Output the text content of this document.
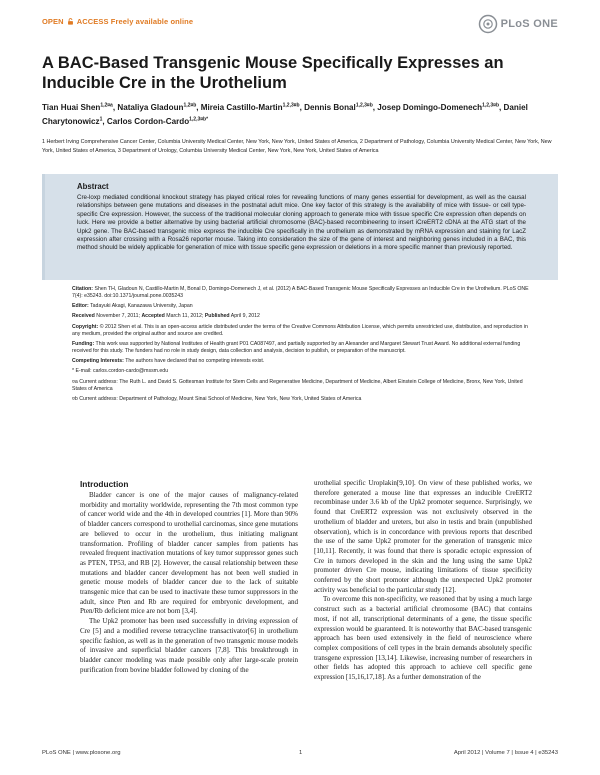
OPEN ACCESS Freely available online	PLoS ONE
A BAC-Based Transgenic Mouse Specifically Expresses an Inducible Cre in the Urothelium
Tian Huai Shen$^{1,2¤a}$, Nataliya Gladoun$^{1,2¤b}$, Mireia Castillo-Martin$^{1,2,3¤b}$, Dennis Bonal$^{1,2,3¤b}$, Josep Domingo-Domenech$^{1,2,3¤b}$, Daniel Charytonowicz$^1$, Carlos Cordon-Cardo$^{1,2,3¤b*}$
1 Herbert Irving Comprehensive Cancer Center, Columbia University Medical Center, New York, New York, United States of America, 2 Department of Pathology, Columbia University Medical Center, New York, New York, United States of America, 3 Department of Urology, Columbia University Medical Center, New York, New York, United States of America
Abstract

Cre-loxp mediated conditional knockout strategy has played critical roles for revealing functions of many genes essential for development, as well as the causal relationships between gene mutations and diseases in the postnatal adult mice. One key factor of this strategy is the availability of mice with tissue- or cell type-specific Cre expression. However, the success of the traditional molecular cloning approach to generate mice with tissue specific Cre expression often depends on luck. Here we provide a better alternative by using bacterial artificial chromosome (BAC)-based recombineering to insert iCreERT2 cDNA at the ATG start of the Upk2 gene. The BAC-based transgenic mice express the inducible Cre specifically in the urothelium as demonstrated by mRNA expression and staining for LacZ expression after crossing with a Rosa26 reporter mouse. Taking into consideration the size of the gene of interest and neighboring genes included in a BAC, this method should be widely applicable for generation of mice with tissue specific gene expression or deletions in a more specific manner than previously reported.

Citation: Shen TH, Gladoun N, Castillo-Martin M, Bonal D, Domingo-Domenech J, et al. (2012) A BAC-Based Transgenic Mouse Specifically Expresses an Inducible Cre in the Urothelium. PLoS ONE 7(4): e35243. doi:10.1371/journal.pone.0035243

Editor: Tadayuki Akagi, Kanazawa University, Japan

Received November 7, 2011; Accepted March 11, 2012; Published April 9, 2012

Copyright: © 2012 Shen et al. This is an open-access article distributed under the terms of the Creative Commons Attribution License, which permits unrestricted use, distribution, and reproduction in any medium, provided the original author and source are credited.

Funding: This work was supported by National Institutes of Health grant P01 CA087497, and partially supported by an Alexander and Margaret Stewart Trust Award. No additional external funding received for this study. The funders had no role in study design, data collection and analysis, decision to publish, or preparation of the manuscript.

Competing Interests: The authors have declared that no competing interests exist.

* E-mail: carlos.cordon-cardo@mssm.edu

¤a Current address: The Ruth L. and David S. Gottesman Institute for Stem Cells and Regenerative Medicine, Department of Medicine, Albert Einstein College of Medicine, Bronx, New York, United States of America

¤b Current address: Department of Pathology, Mount Sinai School of Medicine, New York, New York, United States of America

Introduction

Bladder cancer is one of the major causes of malignancy-related morbidity and mortality worldwide, representing the 7th most common type of cancer world wide and the 4th in developed countries [1]. More than 90% of bladder cancers correspond to urothelial carcinomas, since gene mutations are believed to occur in the urothelium, thus initiating malignant transformation. Profiling of bladder cancer samples from patients has revealed frequent inactivation mutations of key tumor suppressor genes such as PTEN, TP53, and RB [2]. However, the causal relationship between these mutations and bladder cancer development has not been well studied in genetic mouse models of bladder cancer due to the lack of suitable transgenic mice that can be used to inactivate these tumor suppressors in the adult, since Pten and Rb are required for embryonic development, and Pten/Rb deficient mice are not born [3,4].

The Upk2 promoter has been used successfully in driving expression of Cre [5] and a modified reverse tetracycline transactivator[6] in urothelium specific fashion, as well as in the generation of two transgenic mouse models of invasive and superficial bladder cancers [7,8]. This breakthrough in bladder cancer modeling was made possible only after large-scale protein purification from bovine bladder followed by cloning of the

urothelial specific Uroplakin[9,10]. On view of these published works, we therefore generated a mouse line that expresses an inducible CreERT2 recombinase under 3.6 kb of the Upk2 promoter sequence. Surprisingly, we found that CreERT2 expression was not exclusively observed in the urothelium of bladder and ureters, but also in testis and brain (unpublished observation), which is in concordance with previous reports that described the use of the same Upk2 promoter for the generation of transgenic mice [10,11]. Recently, it was found that there is sporadic ectopic expression of Cre in tumors developed in the skin and the lung using the same Upk2 promoter driven Cre mouse, indicating limitations of tissue specificity conferred by the short promoter although the unexpected Upk2 promoter activity was beneficial to the particular study [12].

To overcome this non-specificity, we reasoned that by using a much large construct such as a bacterial artificial chromosome (BAC) that contains most, if not all, transcriptional determinants of a gene, the tissue specific expression would be guaranteed. It is noteworthy that BAC-based transgenic approach has been used extensively in the field of neuroscience where complex compositions of cell types in the brain demands absolutely specific transgene expression [13,14]. Likewise, increasing number of researchers in other fields has adopted this approach to achieve cell specific gene expression [15,16,17,18]. As a further demonstration of the

PLoS ONE | www.plosone.org	1	April 2012 | Volume 7 | Issue 4 | e35243
